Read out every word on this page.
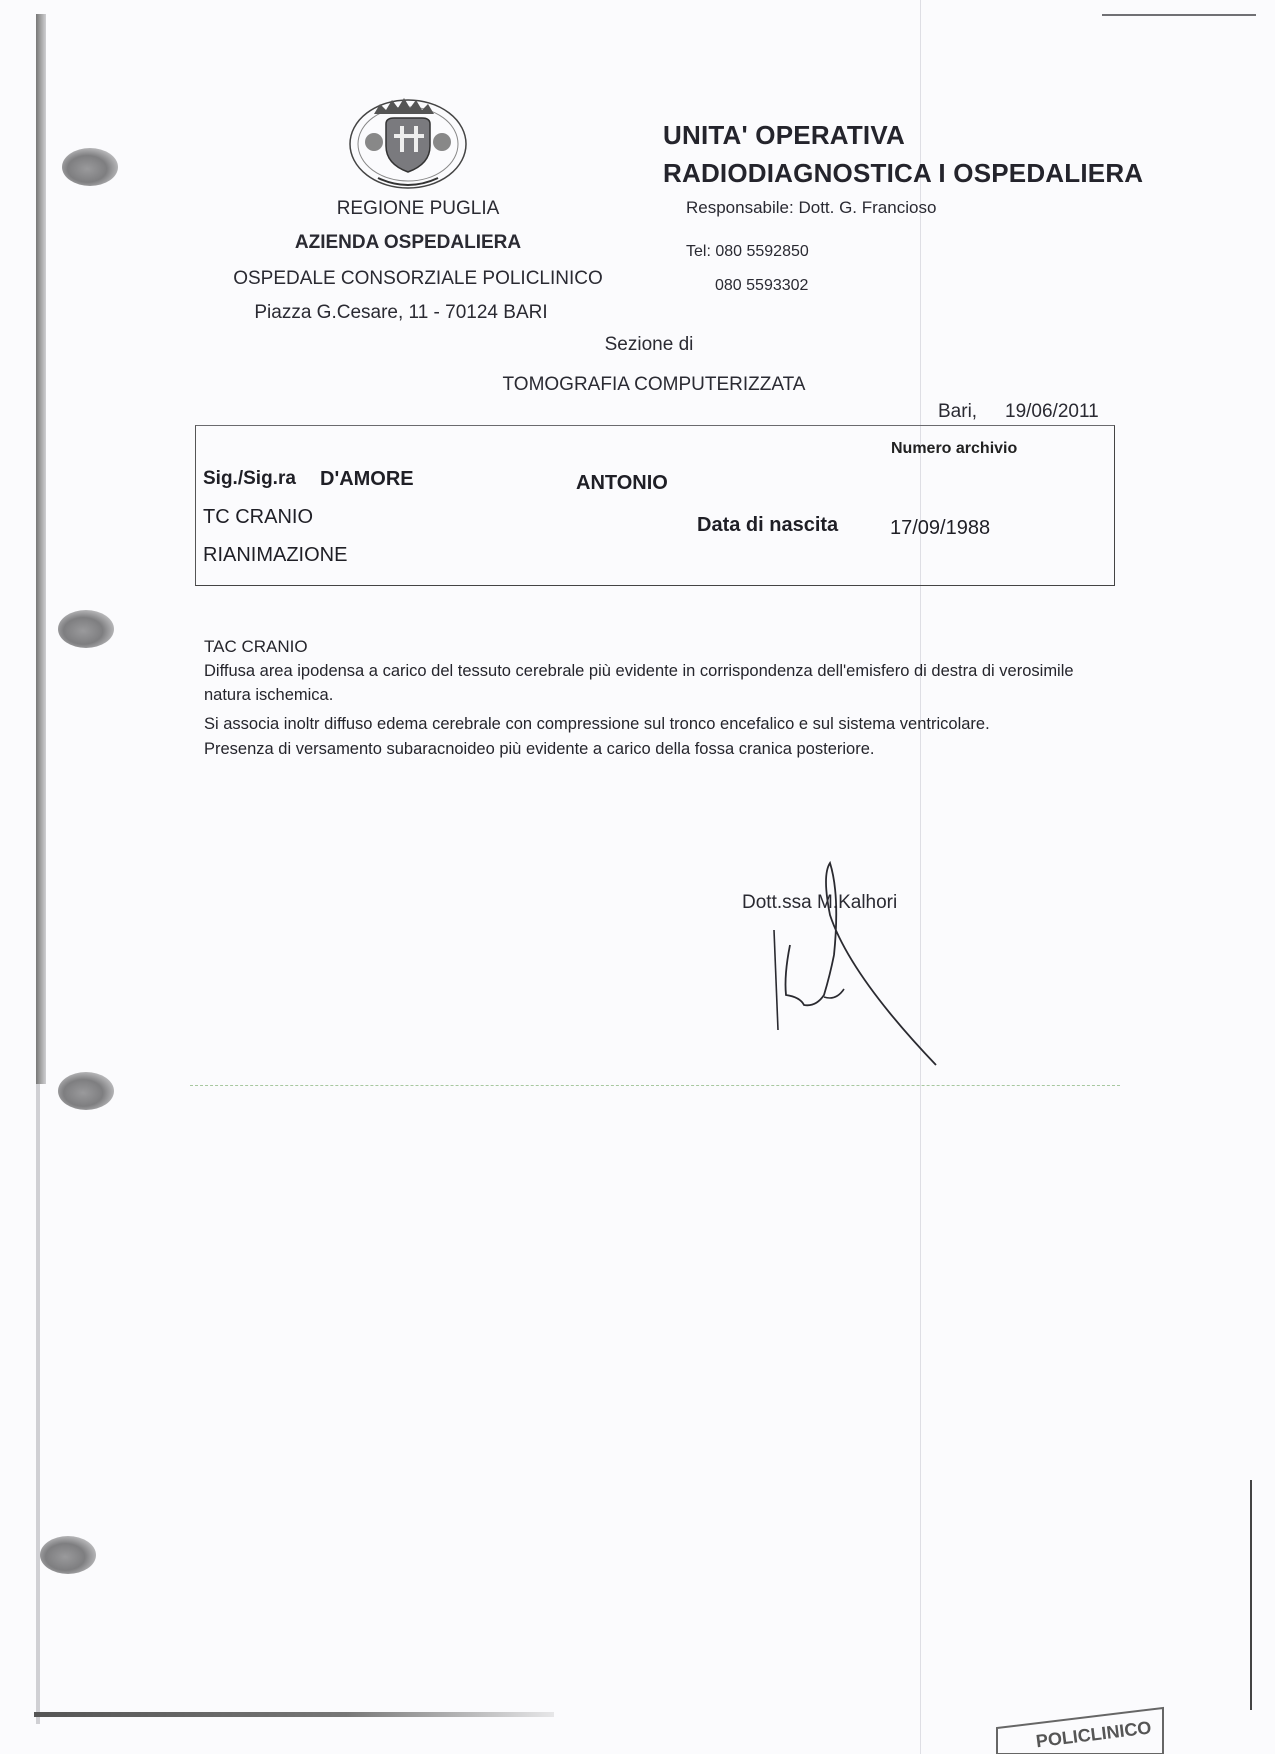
REGIONE PUGLIA
AZIENDA OSPEDALIERA
OSPEDALE CONSORZIALE POLICLINICO
Piazza G.Cesare, 11 - 70124 BARI
UNITA' OPERATIVA
RADIODIAGNOSTICA I OSPEDALIERA
Responsabile: Dott. G. Francioso
Tel: 080 5592850
080 5593302
Sezione di
TOMOGRAFIA COMPUTERIZZATA
Bari, 19/06/2011
Numero archivio
Sig./Sig.ra D'AMORE	ANTONIO
TC CRANIO	Data di nascita	17/09/1988
RIANIMAZIONE
TAC CRANIO
Diffusa area ipodensa a carico del tessuto cerebrale più evidente in corrispondenza dell'emisfero di destra di verosimile
natura ischemica.
Si associa inoltr diffuso edema cerebrale con compressione sul tronco encefalico e sul sistema ventricolare.
Presenza di versamento subaracnoideo più evidente a carico della fossa cranica posteriore.
Dott.ssa M.Kalhori
POLICLINICO
